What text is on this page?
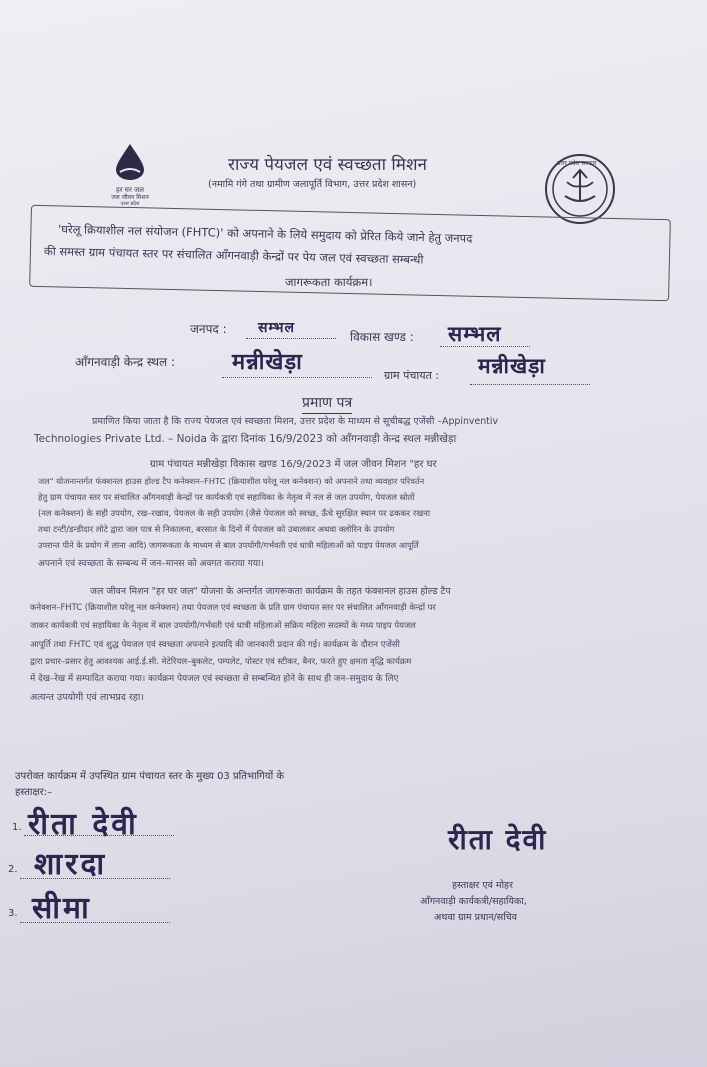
हर घर जल
जल जीवन मिशन
उत्तर प्रदेश
राज्य पेयजल एवं स्वच्छता मिशन
(नमामि गंगे तथा ग्रामीण जलापूर्ति विभाग, उत्तर प्रदेश शासन)
उत्तर प्रदेश सरकार
'घरेलू क्रियाशील नल संयोजन (FHTC)' को अपनाने के लिये समुदाय को प्रेरित किये जाने हेतु जनपद
की समस्त ग्राम पंचायत स्तर पर संचालित आँगनवाड़ी केन्द्रों पर पेय जल एवं स्वच्छता सम्बन्धी
जागरूकता कार्यक्रम।
जनपद : सम्भल
विकास खण्ड : सम्भल
आँगनवाड़ी केन्द्र स्थल :	मन्नीखेड़ा
ग्राम पंचायत : मन्नीखेड़ा
प्रमाण पत्र
प्रमाणित किया जाता है कि राज्य पेयजल एवं स्वच्छता मिशन, उत्तर प्रदेश के माध्यम से सूचीबद्ध एजेंसी –Appinventiv
Technologies Private Ltd. – Noida के द्वारा दिनांक 16/9/2023 को आँगनवाड़ी केन्द्र स्थल मन्नीखेड़ा
ग्राम पंचायत मन्नीखेड़ा विकास खण्ड 16/9/2023 में जल जीवन मिशन "हर घर
जल" योजनान्तर्गत फंक्शनल हाउस होल्ड टैप कनेक्शन–FHTC (क्रियाशील घरेलू नल कनेक्शन) को अपनाने तथा व्यवहार परिवर्तन
हेतु ग्राम पंचायत स्तर पर संचालित आँगनवाड़ी केन्द्रों पर कार्यकत्री एवं सहायिका के नेतृत्व में नल से जल उपयोग, पेयजल स्रोतों
(नल कनेक्शन) के सही उपयोग, रख–रखाव, पेयजल के सही उपयोग (जैसे पेयजल को स्वच्छ, ऊँचे सुरक्षित स्थान पर ढककर रखना
तथा टन्टी/डन्डीदार लोटे द्वारा जल पात्र से निकालना, बरसात के दिनों में पेयजल को उबालकर अथवा क्लोरिन के उपयोग
उपरान्त पीने के प्रयोग में लाना आदि) जागरूकता के माध्यम से बाल उपयोगी/गर्भवती एवं धात्री महिलाओं को पाइप पेयजल आपूर्ति
अपनाने एवं स्वच्छता के सम्बन्ध में जन–मानस को अवगत कराया गया।
जल जीवन मिशन "हर घर जल" योजना के अन्तर्गत जागरूकता कार्यक्रम के तहत फंक्शनल हाउस होल्ड टैप
कनेक्शन–FHTC (क्रियाशील घरेलू नल कनेक्शन) तथा पेयजल एवं स्वच्छता के प्रति ग्राम पंचायत स्तर पर संचालित आँगनवाड़ी केन्द्रों पर
जाकर कार्यकत्री एवं सहायिका के नेतृत्व में बाल उपयोगी/गर्भवती एवं धात्री महिलाओं सक्रिय महिला सदस्यों के मध्य पाइप पेयजल
आपूर्ति तथा FHTC एवं शुद्ध पेयजल एवं स्वच्छता अपनाने इत्यादि की जानकारी प्रदान की गई। कार्यक्रम के दौरान एजेंसी
द्वारा प्रचार–प्रसार हेतु आवश्यक आई.ई.सी. मेटेरियल–बुकलेट, पम्पलेट, पोस्टर एवं स्टीकर, बैनर, फरते हुए क्षमता वृद्धि कार्यक्रम
में देख–रेख में सम्पादित कराया गया। कार्यक्रम पेयजल एवं स्वच्छता से सम्बन्धित होने के साथ ही जन–समुदाय के लिए
अत्यन्त उपयोगी एवं लाभप्रद रहा।
उपरोक्त कार्यक्रम में उपस्थित ग्राम पंचायत स्तर के मुख्य 03 प्रतिभागियों के
हस्ताक्षर:–
1. रीता देवी
2. शारदा
3. सीमा
रीता देवी
हस्ताक्षर एवं मोहर
आँगनवाड़ी कार्यकत्री/सहायिका,
अथवा ग्राम प्रधान/सचिव
